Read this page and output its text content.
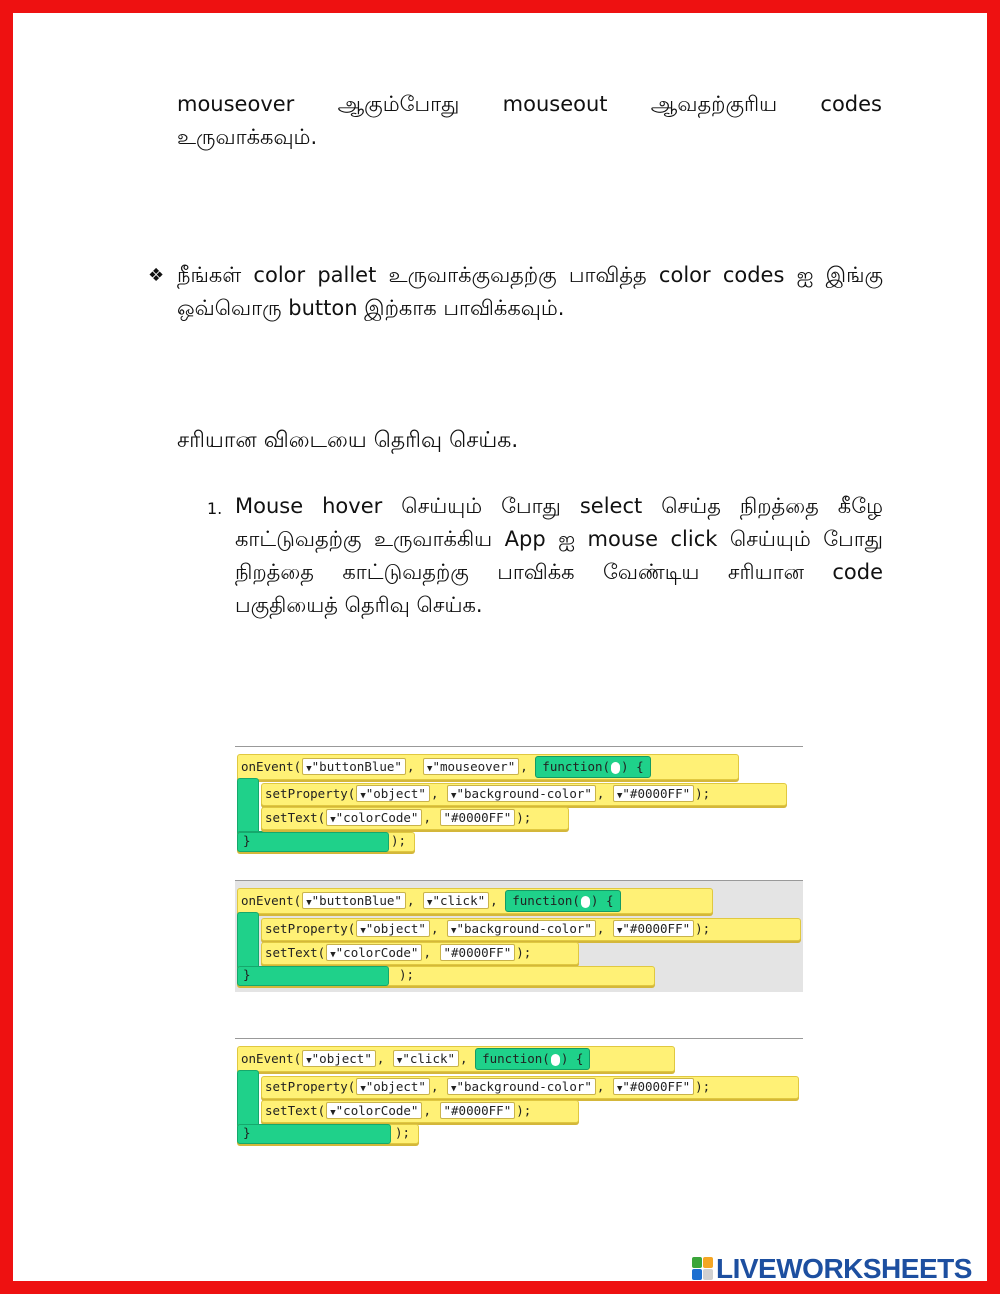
mouseover ஆகும்போது mouseout ஆவதற்குரிய codes
உருவாக்கவும்.
❖ நீங்கள் color pallet உருவாக்குவதற்கு பாவித்த color codes ஐ இங்கு ஒவ்வொரு button இற்காக பாவிக்கவும்.
சரியான விடையை தெரிவு செய்க.
1. Mouse hover செய்யும் போது select செய்த நிறத்தை கீழே காட்டுவதற்கு உருவாக்கிய App ஐ mouse click செய்யும் போது நிறத்தை காட்டுவதற்கு பாவிக்க வேண்டிய சரியான code பகுதியைத் தெரிவு செய்க.
onEvent( ▼"buttonBlue" , ▼"mouseover" , function( ) {
setProperty( ▼"object" , ▼"background-color" , ▼"#0000FF" );
setText( ▼"colorCode" , "#0000FF" );
}	);
onEvent( ▼"buttonBlue" , ▼"click" , function( ) {
setProperty( ▼"object" , ▼"background-color" , ▼"#0000FF" );
setText( ▼"colorCode" , "#0000FF" );
}	);
onEvent( ▼"object" , ▼"click" , function( ) {
setProperty( ▼"object" , ▼"background-color" , ▼"#0000FF" );
setText( ▼"colorCode" , "#0000FF" );
}	);
LIVEWORKSHEETS
